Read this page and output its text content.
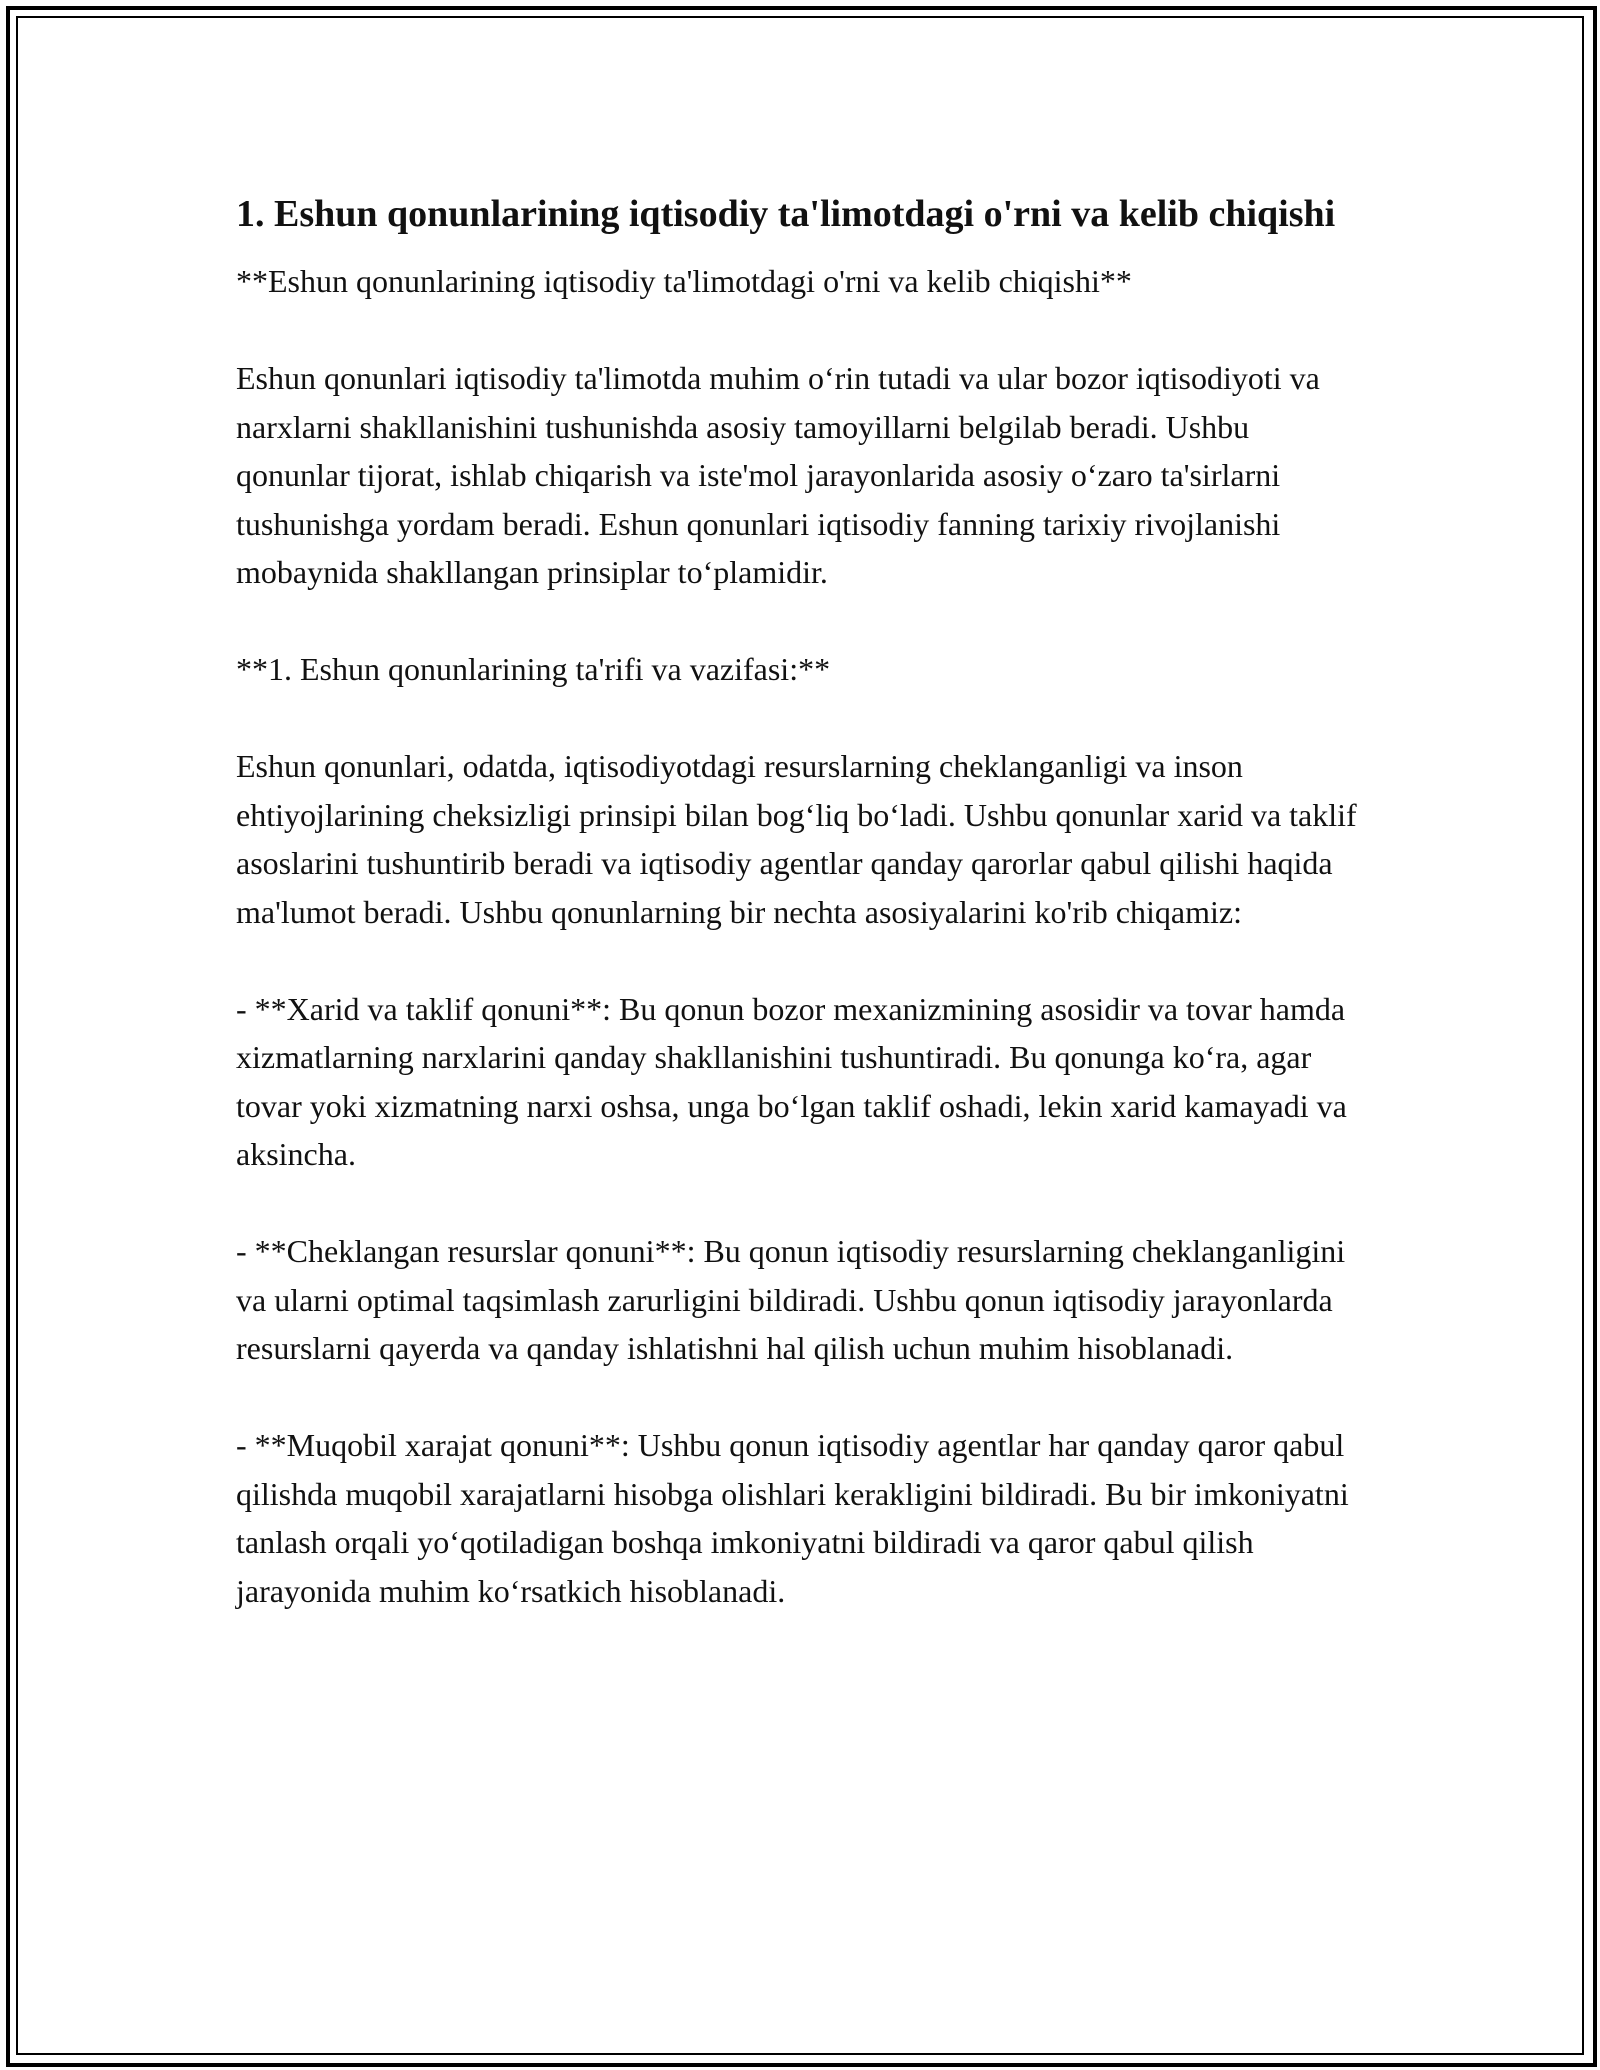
1. Eshun qonunlarining iqtisodiy ta'limotdagi o'rni va kelib chiqishi

**Eshun qonunlarining iqtisodiy ta'limotdagi o'rni va kelib chiqishi**

Eshun qonunlari iqtisodiy ta'limotda muhim o‘rin tutadi va ular bozor iqtisodiyoti va narxlarni shakllanishini tushunishda asosiy tamoyillarni belgilab beradi. Ushbu qonunlar tijorat, ishlab chiqarish va iste'mol jarayonlarida asosiy o‘zaro ta'sirlarni tushunishga yordam beradi. Eshun qonunlari iqtisodiy fanning tarixiy rivojlanishi mobaynida shakllangan prinsiplar to‘plamidir.

**1. Eshun qonunlarining ta'rifi va vazifasi:**

Eshun qonunlari, odatda, iqtisodiyotdagi resurslarning cheklanganligi va inson ehtiyojlarining cheksizligi prinsipi bilan bog‘liq bo‘ladi. Ushbu qonunlar xarid va taklif asoslarini tushuntirib beradi va iqtisodiy agentlar qanday qarorlar qabul qilishi haqida ma'lumot beradi. Ushbu qonunlarning bir nechta asosiyalarini ko'rib chiqamiz:

- **Xarid va taklif qonuni**: Bu qonun bozor mexanizmining asosidir va tovar hamda xizmatlarning narxlarini qanday shakllanishini tushuntiradi. Bu qonunga ko‘ra, agar tovar yoki xizmatning narxi oshsa, unga bo‘lgan taklif oshadi, lekin xarid kamayadi va aksincha.

- **Cheklangan resurslar qonuni**: Bu qonun iqtisodiy resurslarning cheklanganligini va ularni optimal taqsimlash zarurligini bildiradi. Ushbu qonun iqtisodiy jarayonlarda resurslarni qayerda va qanday ishlatishni hal qilish uchun muhim hisoblanadi.

- **Muqobil xarajat qonuni**: Ushbu qonun iqtisodiy agentlar har qanday qaror qabul qilishda muqobil xarajatlarni hisobga olishlari kerakligini bildiradi. Bu bir imkoniyatni tanlash orqali yo‘qotiladigan boshqa imkoniyatni bildiradi va qaror qabul qilish jarayonida muhim ko‘rsatkich hisoblanadi.
